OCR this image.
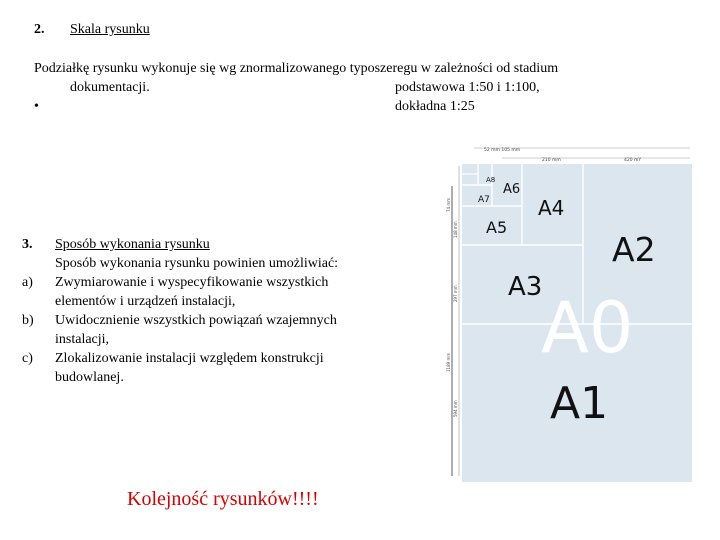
2. Skala rysunku
Podziałkę rysunku wykonuje się wg znormalizowanego typoszeregu w zależności od stadium
dokumentacji.	podstawowa 1:50 i 1:100,
•	dokładna 1:25
3. Sposób wykonania rysunku
Sposób wykonania rysunku powinien umożliwiać:
a) Zwymiarowanie i wyspecyfikowanie wszystkich
elementów i urządzeń instalacji,
b) Uwidocznienie wszystkich powiązań wzajemnych
instalacji,
c) Zlokalizowanie instalacji względem konstrukcji
budowlanej.
Kolejność rysunków!!!!
52 mm 105 mm
210 mm	420 mY
74 mm
148 mm
297 mm
594 mm
1189 mm A0
A1
A2
A3
A4
A5
A6
A7
A8
